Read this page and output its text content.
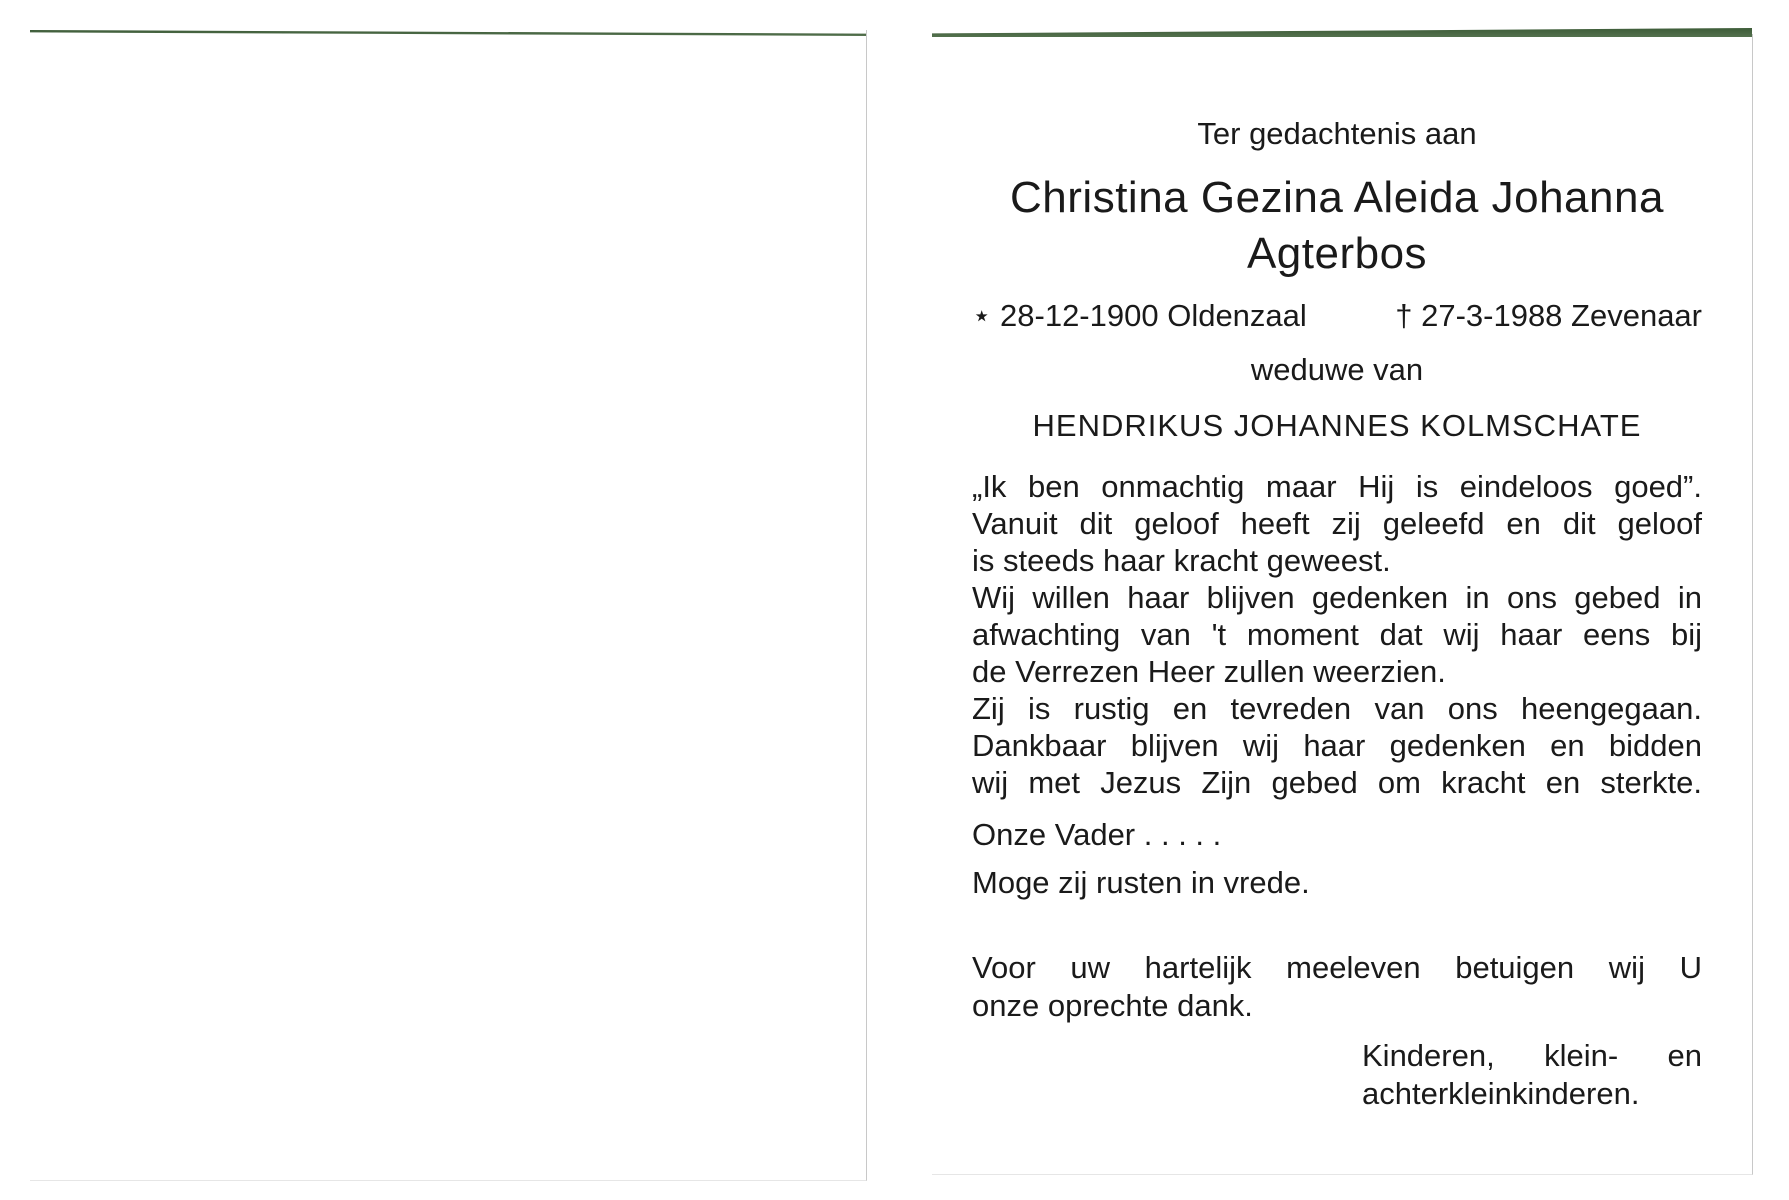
Ter gedachtenis aan

Christina Gezina Aleida Johanna
Agterbos

⋆ 28-12-1900 Oldenzaal	† 27-3-1988 Zevenaar

weduwe van

HENDRIKUS JOHANNES KOLMSCHATE

„Ik ben onmachtig maar Hij is eindeloos goed”.
Vanuit dit geloof heeft zij geleefd en dit geloof
is steeds haar kracht geweest.
Wij willen haar blijven gedenken in ons gebed in
afwachting van 't moment dat wij haar eens bij
de Verrezen Heer zullen weerzien.
Zij is rustig en tevreden van ons heengegaan.
Dankbaar blijven wij haar gedenken en bidden
wij met Jezus Zijn gebed om kracht en sterkte.

Onze Vader . . . . .

Moge zij rusten in vrede.

Voor uw hartelijk meeleven betuigen wij U
onze oprechte dank.

Kinderen, klein- en
achterkleinkinderen.
